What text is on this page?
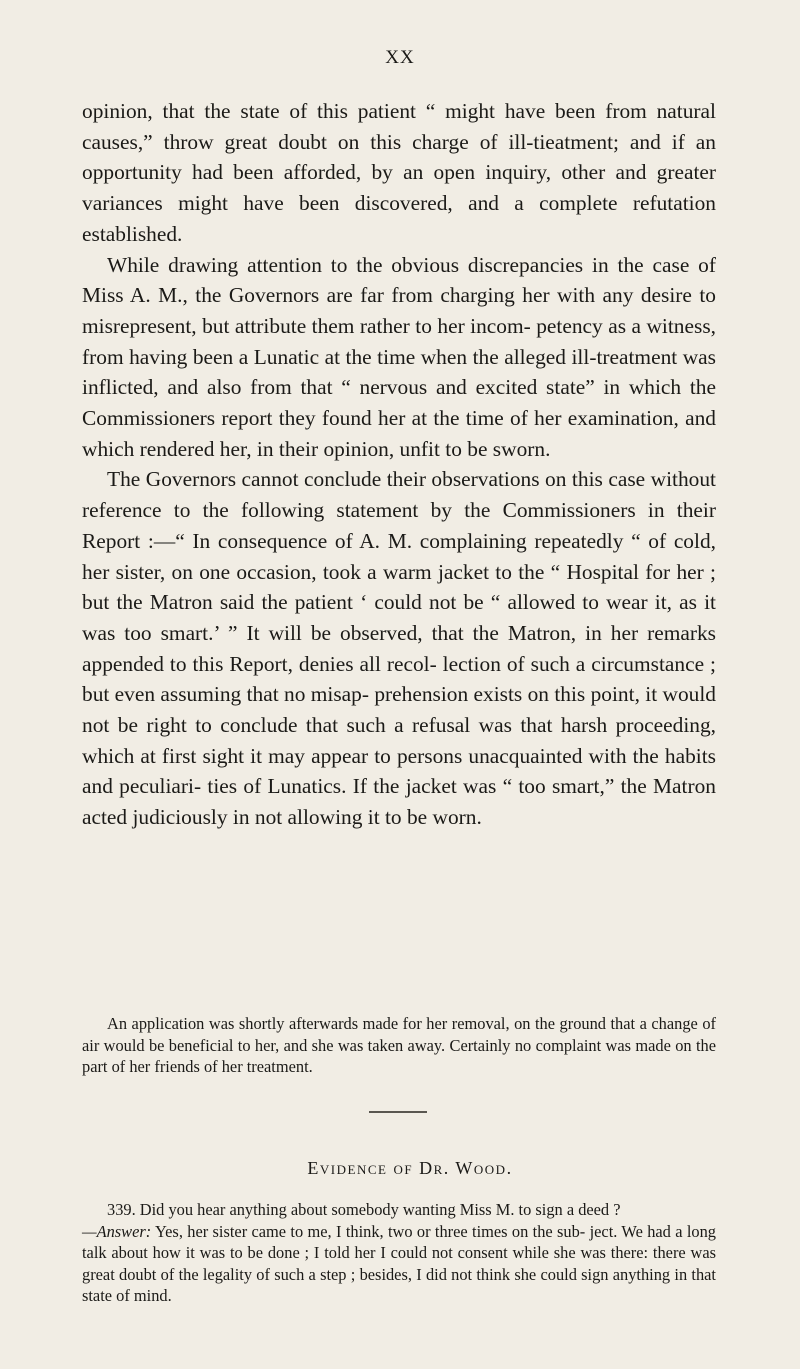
XX

opinion, that the state of this patient “ might have been from natural causes,” throw great doubt on this charge of ill-tieatment; and if an opportunity had been afforded, by an open inquiry, other and greater variances might have been discovered, and a complete refutation established.

While drawing attention to the obvious discrepancies in the case of Miss A. M., the Governors are far from charging her with any desire to misrepresent, but attribute them rather to her incom- petency as a witness, from having been a Lunatic at the time when the alleged ill-treatment was inflicted, and also from that “ nervous and excited state” in which the Commissioners report they found her at the time of her examination, and which rendered her, in their opinion, unfit to be sworn.

The Governors cannot conclude their observations on this case without reference to the following statement by the Commissioners in their Report :—“ In consequence of A. M. complaining repeatedly “ of cold, her sister, on one occasion, took a warm jacket to the “ Hospital for her ; but the Matron said the patient ‘ could not be “ allowed to wear it, as it was too smart.’ ” It will be observed, that the Matron, in her remarks appended to this Report, denies all recol- lection of such a circumstance ; but even assuming that no misap- prehension exists on this point, it would not be right to conclude that such a refusal was that harsh proceeding, which at first sight it may appear to persons unacquainted with the habits and peculiari- ties of Lunatics. If the jacket was “ too smart,” the Matron acted judiciously in not allowing it to be worn.

An application was shortly afterwards made for her removal, on the ground that a change of air would be beneficial to her, and she was taken away. Certainly no complaint was made on the part of her friends of her treatment.

Evidence of Dr. Wood.

339. Did you hear anything about somebody wanting Miss M. to sign a deed ?
—Answer: Yes, her sister came to me, I think, two or three times on the sub- ject. We had a long talk about how it was to be done ; I told her I could not consent while she was there: there was great doubt of the legality of such a step ; besides, I did not think she could sign anything in that state of mind.
